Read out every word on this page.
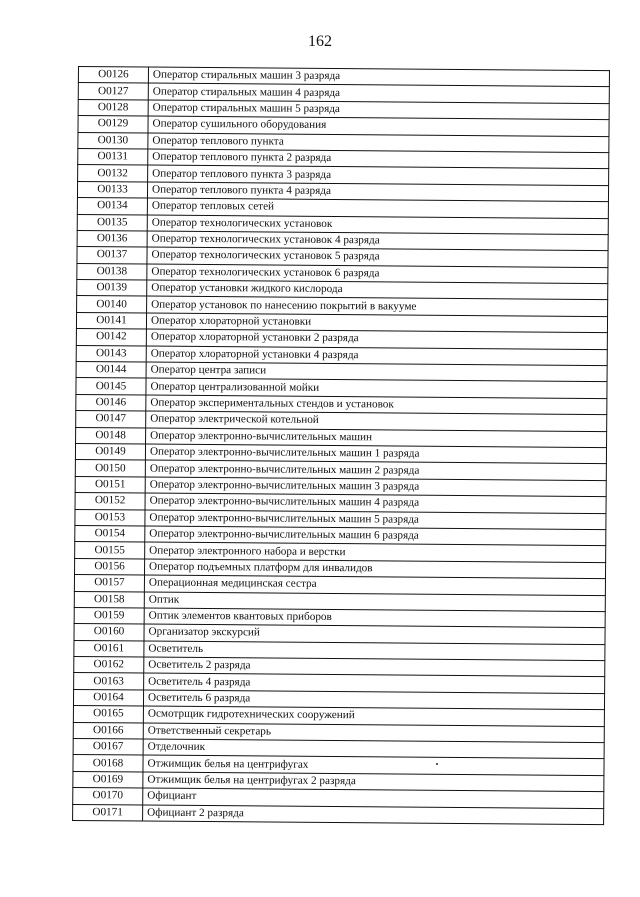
162
O0126	Оператор стиральных машин 3 разряда
O0127	Оператор стиральных машин 4 разряда
O0128	Оператор стиральных машин 5 разряда
O0129	Оператор сушильного оборудования
O0130	Оператор теплового пункта
O0131	Оператор теплового пункта 2 разряда
O0132	Оператор теплового пункта 3 разряда
O0133	Оператор теплового пункта 4 разряда
O0134	Оператор тепловых сетей
O0135	Оператор технологических установок
O0136	Оператор технологических установок 4 разряда
O0137	Оператор технологических установок 5 разряда
O0138	Оператор технологических установок 6 разряда
O0139	Оператор установки жидкого кислорода
O0140	Оператор установок по нанесению покрытий в вакууме
O0141	Оператор хлораторной установки
O0142	Оператор хлораторной установки 2 разряда
O0143	Оператор хлораторной установки 4 разряда
O0144	Оператор центра записи
O0145	Оператор централизованной мойки
O0146	Оператор экспериментальных стендов и установок
O0147	Оператор электрической котельной
O0148	Оператор электронно-вычислительных машин
O0149	Оператор электронно-вычислительных машин 1 разряда
O0150	Оператор электронно-вычислительных машин 2 разряда
O0151	Оператор электронно-вычислительных машин 3 разряда
O0152	Оператор электронно-вычислительных машин 4 разряда
O0153	Оператор электронно-вычислительных машин 5 разряда
O0154	Оператор электронно-вычислительных машин 6 разряда
O0155	Оператор электронного набора и верстки
O0156	Оператор подъемных платформ для инвалидов
O0157	Операционная медицинская сестра
O0158	Оптик
O0159	Оптик элементов квантовых приборов
O0160	Организатор экскурсий
O0161	Осветитель
O0162	Осветитель 2 разряда
O0163	Осветитель 4 разряда
O0164	Осветитель 6 разряда
O0165	Осмотрщик гидротехнических сооружений
O0166	Ответственный секретарь
O0167	Отделочник
O0168	Отжимщик белья на центрифугах
O0169	Отжимщик белья на центрифугах 2 разряда
O0170	Официант
O0171	Официант 2 разряда
